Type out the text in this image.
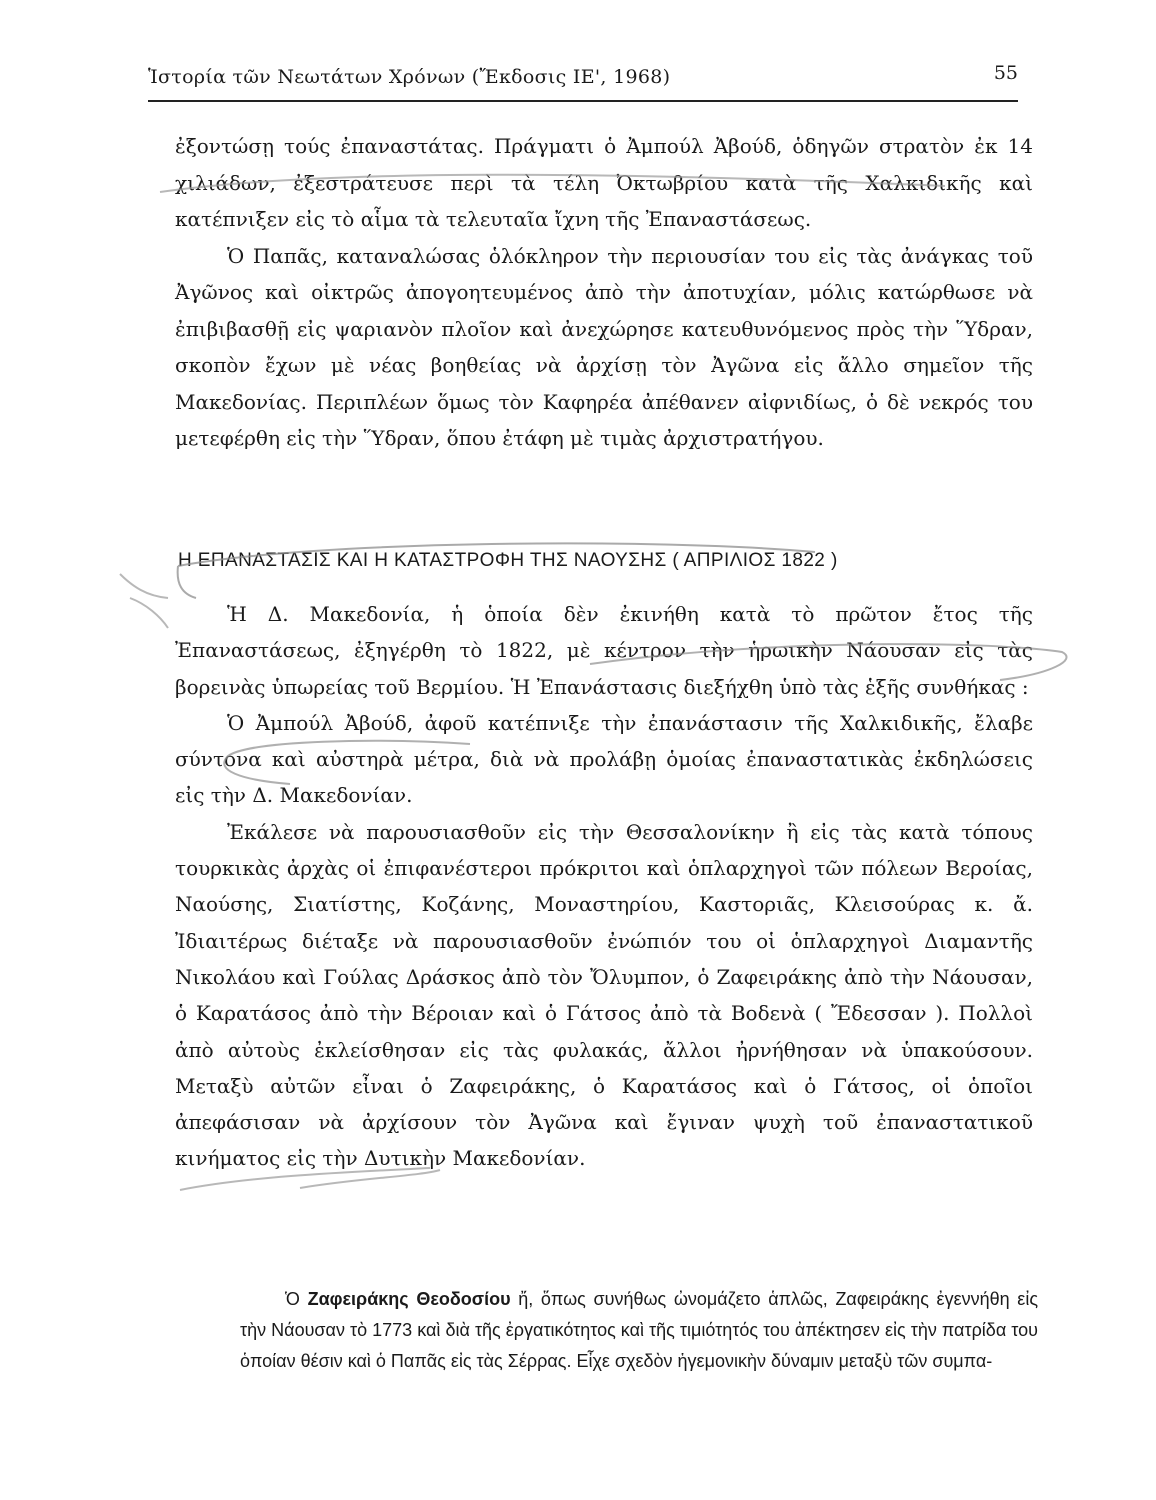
Ἱστορία τῶν Νεωτάτων Χρόνων (Ἔκδοσις ΙΕ', 1968)	55

ἐξοντώσῃ τούς ἐπαναστάτας. Πράγματι ὁ Ἀμπούλ Ἀβούδ, ὁδηγῶν στρατὸν ἐκ 14 χιλιάδων, ἐξεστράτευσε περὶ τὰ τέλη Ὀκτωβρίου κατὰ τῆς Χαλκιδικῆς καὶ κατέπνιξεν εἰς τὸ αἷμα τὰ τελευταῖα ἴχνη τῆς Ἐπαναστάσεως.

Ὁ Παπᾶς, καταναλώσας ὁλόκληρον τὴν περιουσίαν του εἰς τὰς ἀνάγκας τοῦ Ἀγῶνος καὶ οἰκτρῶς ἀπογοητευμένος ἀπὸ τὴν ἀποτυχίαν, μόλις κατώρθωσε νὰ ἐπιβιβασθῇ εἰς ψαριανὸν πλοῖον καὶ ἀνεχώρησε κατευθυνόμενος πρὸς τὴν Ὕδραν, σκοπὸν ἔχων μὲ νέας βοηθείας νὰ ἀρχίσῃ τὸν Ἀγῶνα εἰς ἄλλο σημεῖον τῆς Μακεδονίας. Περιπλέων ὅμως τὸν Καφηρέα ἀπέθανεν αἰφνιδίως, ὁ δὲ νεκρός του μετεφέρθη εἰς τὴν Ὕδραν, ὅπου ἐτάφη μὲ τιμὰς ἀρχιστρατήγου.

Η ΕΠΑΝΑΣΤΑΣΙΣ ΚΑΙ Η ΚΑΤΑΣΤΡΟΦΗ ΤΗΣ ΝΑΟΥΣΗΣ ( ΑΠΡΙΛΙΟΣ 1822 )

Ἡ Δ. Μακεδονία, ἡ ὁποία δὲν ἐκινήθη κατὰ τὸ πρῶτον ἔτος τῆς Ἐπαναστάσεως, ἐξηγέρθη τὸ 1822, μὲ κέντρον τὴν ἡρωικὴν Νάουσαν εἰς τὰς βορεινὰς ὑπωρείας τοῦ Βερμίου. Ἡ Ἐπανάστασις διεξήχθη ὑπὸ τὰς ἑξῆς συνθήκας :

Ὁ Ἀμπούλ Ἀβούδ, ἀφοῦ κατέπνιξε τὴν ἐπανάστασιν τῆς Χαλκιδικῆς, ἔλαβε σύντονα καὶ αὐστηρὰ μέτρα, διὰ νὰ προλάβῃ ὁμοίας ἐπαναστατικὰς ἐκδηλώσεις εἰς τὴν Δ. Μακεδονίαν.

Ἐκάλεσε νὰ παρουσιασθοῦν εἰς τὴν Θεσσαλονίκην ἢ εἰς τὰς κατὰ τόπους τουρκικὰς ἀρχὰς οἱ ἐπιφανέστεροι πρόκριτοι καὶ ὁπλαρχηγοὶ τῶν πόλεων Βεροίας, Ναούσης, Σιατίστης, Κοζάνης, Μοναστηρίου, Καστοριᾶς, Κλεισούρας κ. ἄ. Ἰδιαιτέρως διέταξε νὰ παρουσιασθοῦν ἐνώπιόν του οἱ ὁπλαρχηγοὶ Διαμαντῆς Νικολάου καὶ Γούλας Δράσκος ἀπὸ τὸν Ὄλυμπον, ὁ Ζαφειράκης ἀπὸ τὴν Νάουσαν, ὁ Καρατάσος ἀπὸ τὴν Βέροιαν καὶ ὁ Γάτσος ἀπὸ τὰ Βοδενὰ ( Ἔδεσσαν ). Πολλοὶ ἀπὸ αὐτοὺς ἐκλείσθησαν εἰς τὰς φυλακάς, ἄλλοι ἠρνήθησαν νὰ ὑπακούσουν. Μεταξὺ αὐτῶν εἶναι ὁ Ζαφειράκης, ὁ Καρατάσος καὶ ὁ Γάτσος, οἱ ὁποῖοι ἀπεφάσισαν νὰ ἀρχίσουν τὸν Ἀγῶνα καὶ ἔγιναν ψυχὴ τοῦ ἐπαναστατικοῦ κινήματος εἰς τὴν Δυτικὴν Μακεδονίαν.

Ὁ Ζαφειράκης Θεοδοσίου ἤ, ὅπως συνήθως ὠνομάζετο ἁπλῶς, Ζαφειράκης ἐγεννήθη εἰς τὴν Νάουσαν τὸ 1773 καὶ διὰ τῆς ἐργατικότητος καὶ τῆς τιμιότητός του ἀπέκτησεν εἰς τὴν πατρίδα του ὁποίαν θέσιν καὶ ὁ Παπᾶς εἰς τὰς Σέρρας. Εἶχε σχεδὸν ἡγεμονικὴν δύναμιν μεταξὺ τῶν συμπα-
